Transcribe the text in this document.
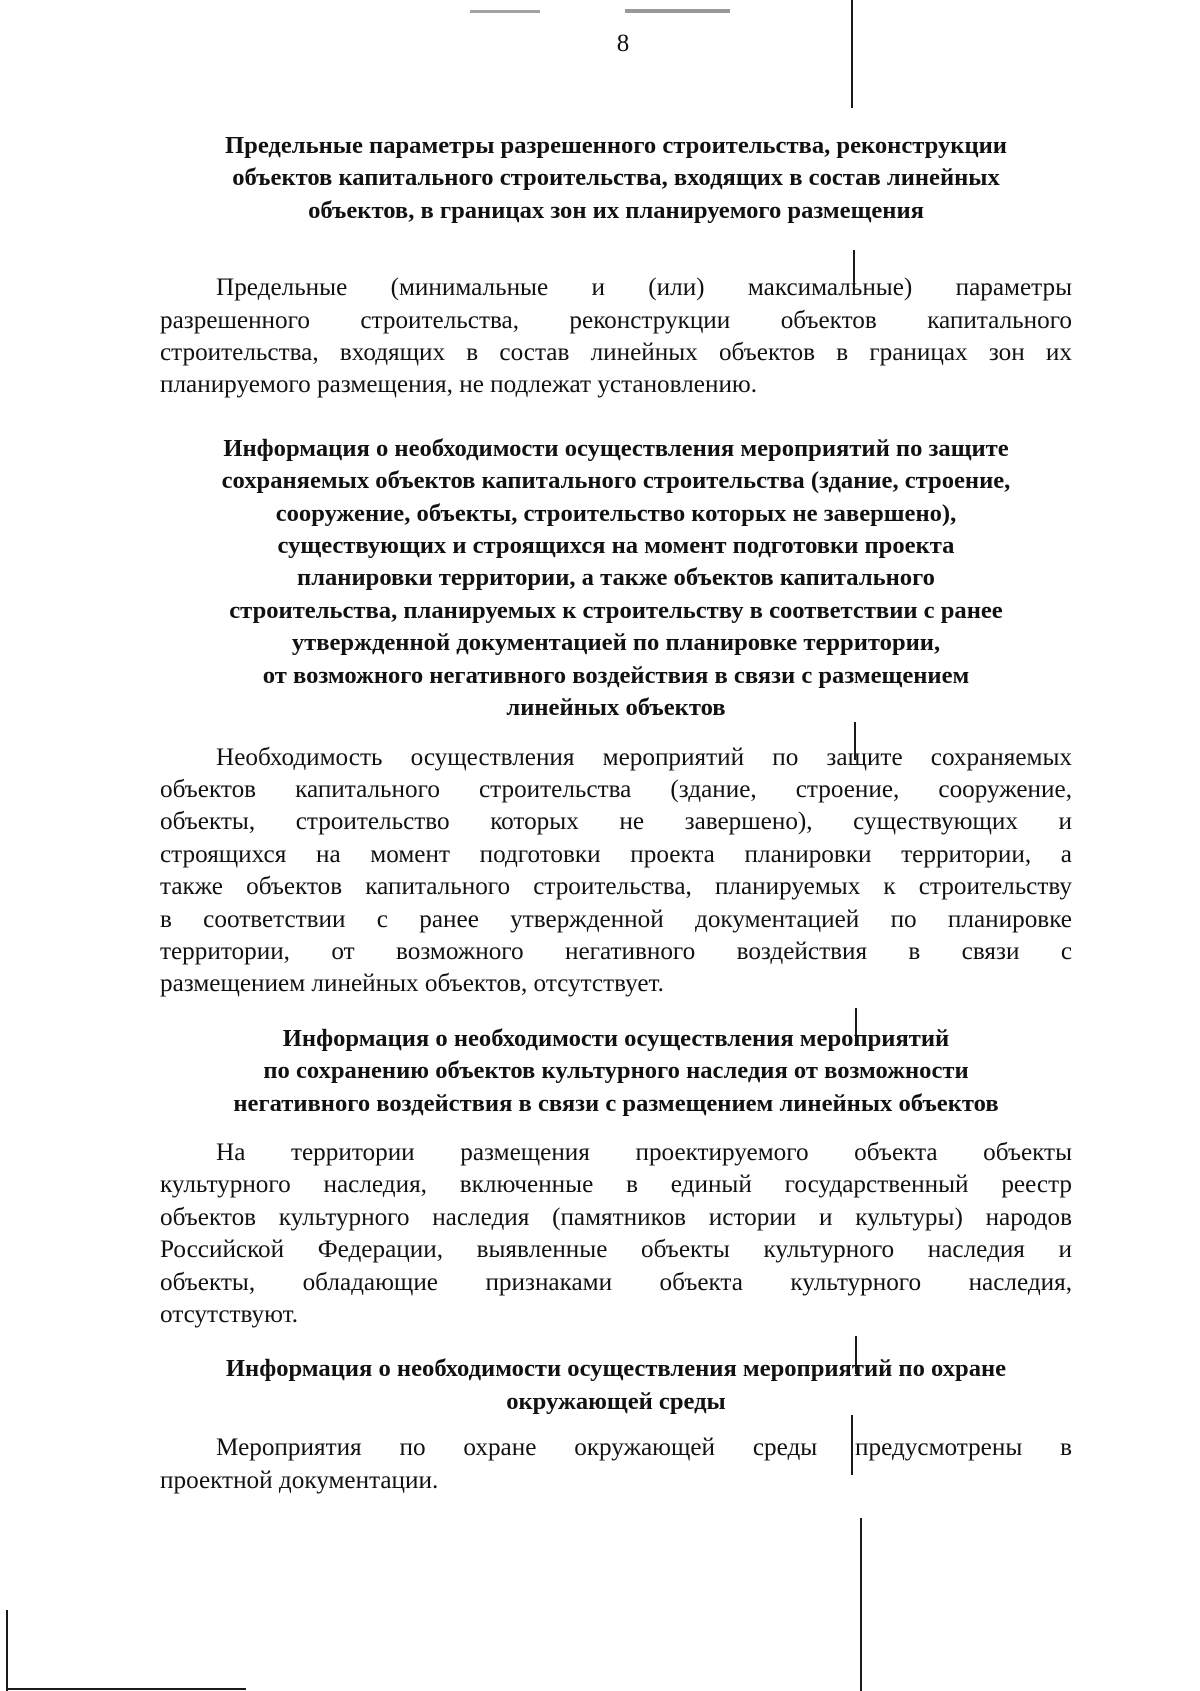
8
Предельные параметры разрешенного строительства, реконструкции
объектов капитального строительства, входящих в состав линейных
объектов, в границах зон их планируемого размещения

Предельные (минимальные и (или) максимальные) параметры
разрешенного строительства, реконструкции объектов капитального
строительства, входящих в состав линейных объектов в границах зон их
планируемого размещения, не подлежат установлению.

Информация о необходимости осуществления мероприятий по защите
сохраняемых объектов капитального строительства (здание, строение,
сооружение, объекты, строительство которых не завершено),
существующих и строящихся на момент подготовки проекта
планировки территории, а также объектов капитального
строительства, планируемых к строительству в соответствии с ранее
утвержденной документацией по планировке территории,
от возможного негативного воздействия в связи с размещением
линейных объектов

Необходимость осуществления мероприятий по защите сохраняемых
объектов капитального строительства (здание, строение, сооружение,
объекты, строительство которых не завершено), существующих и
строящихся на момент подготовки проекта планировки территории, а
также объектов капитального строительства, планируемых к строительству
в соответствии с ранее утвержденной документацией по планировке
территории, от возможного негативного воздействия в связи с
размещением линейных объектов, отсутствует.

Информация о необходимости осуществления мероприятий
по сохранению объектов культурного наследия от возможности
негативного воздействия в связи с размещением линейных объектов

На территории размещения проектируемого объекта объекты
культурного наследия, включенные в единый государственный реестр
объектов культурного наследия (памятников истории и культуры) народов
Российской Федерации, выявленные объекты культурного наследия и
объекты, обладающие признаками объекта культурного наследия,
отсутствуют.

Информация о необходимости осуществления мероприятий по охране
окружающей среды

Мероприятия по охране окружающей среды предусмотрены в
проектной документации.
